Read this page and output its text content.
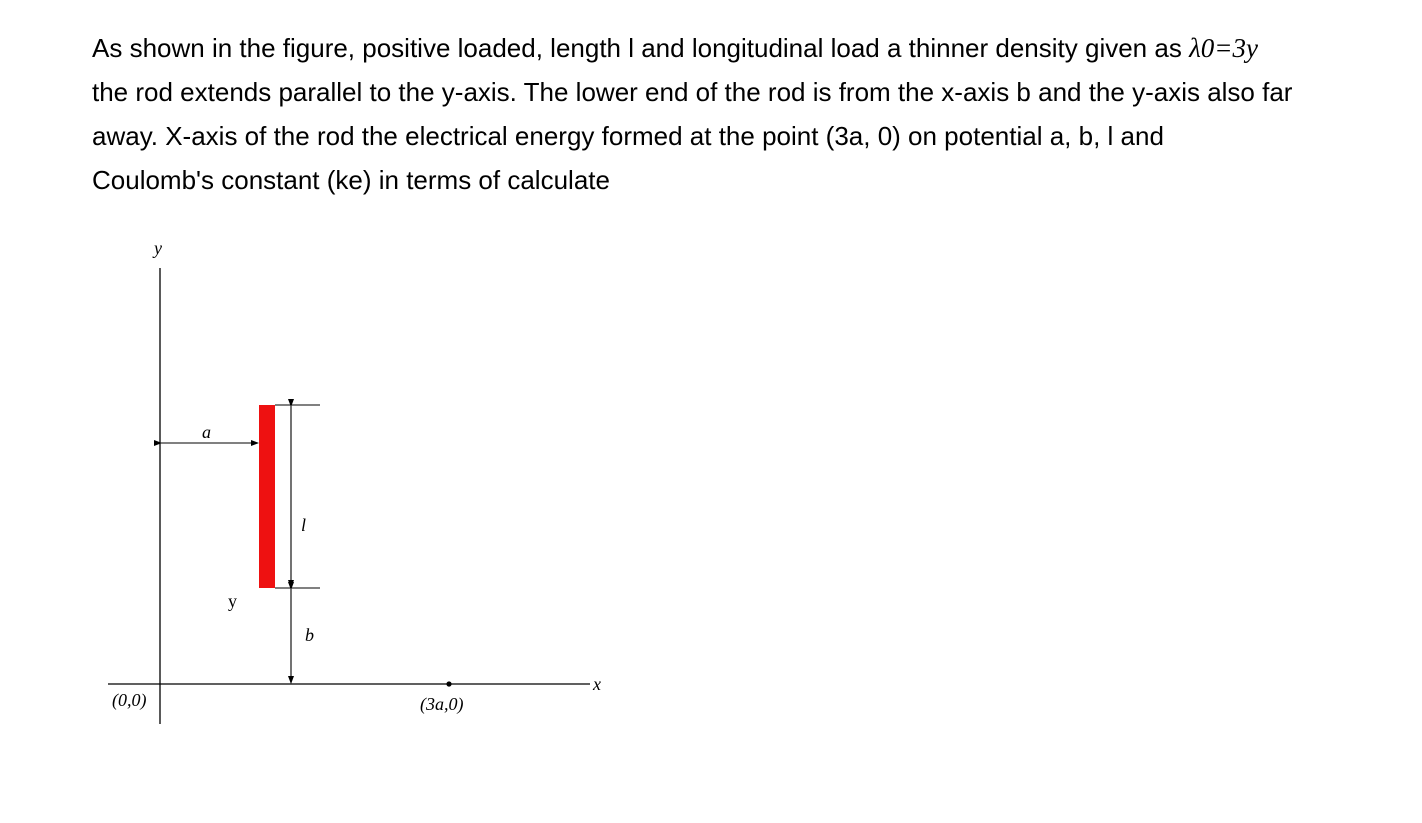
As shown in the figure, positive loaded, length l and longitudinal load a thinner density given as λ0=3y
the rod extends parallel to the y-axis. The lower end of the rod is from the x-axis b and the y-axis also far
away. X-axis of the rod the electrical energy formed at the point (3a, 0) on potential a, b, l and
Coulomb's constant (ke) in terms of calculate
y
x
(0,0)
a
l
b
y
(3a,0)
